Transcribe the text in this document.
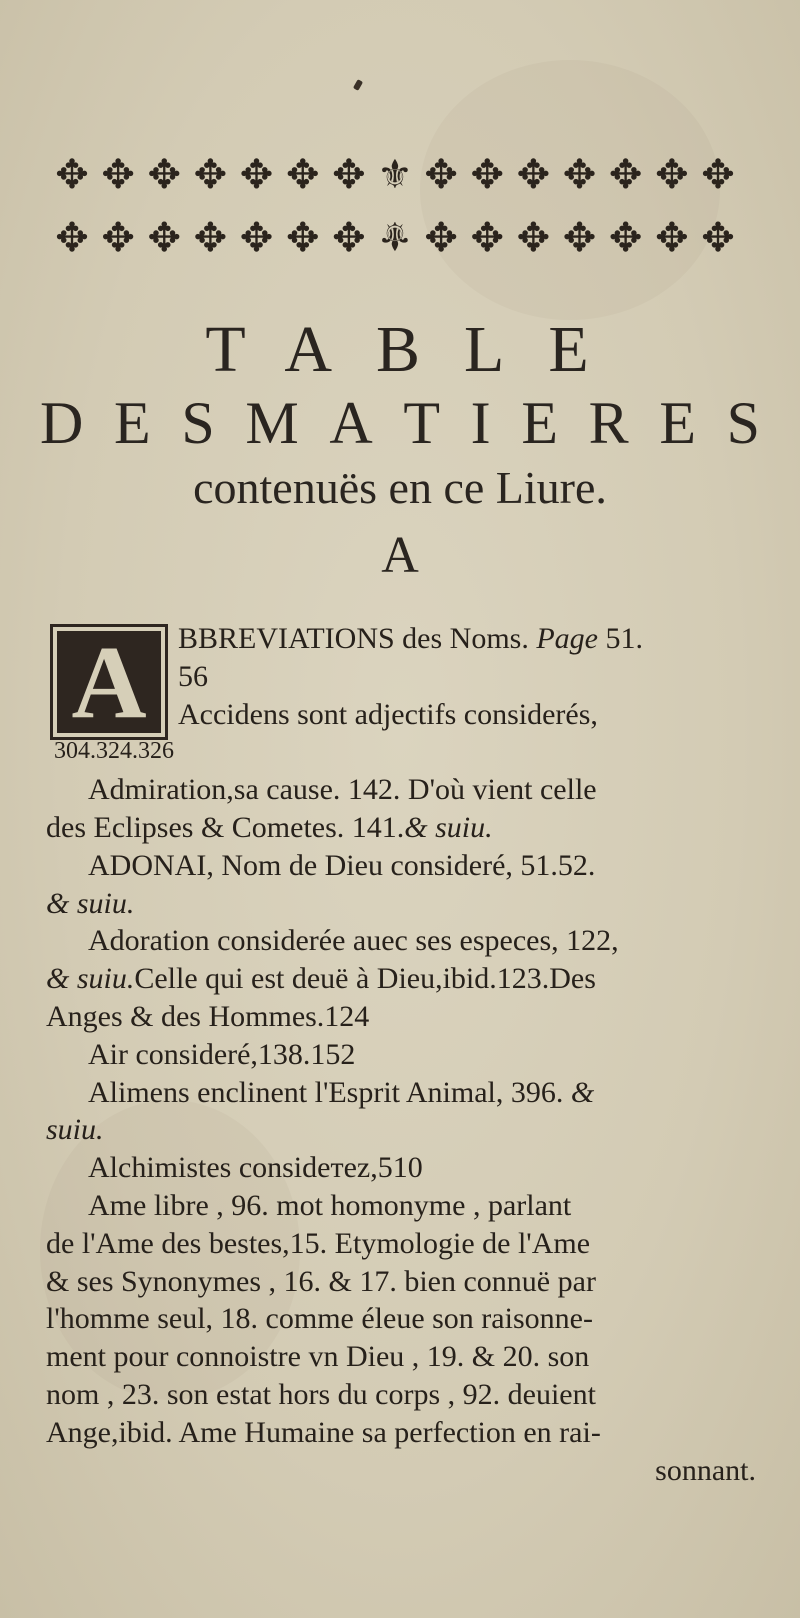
✥ ✥ ✥ ✥ ✥ ✥ ✥ ⚜ ✥ ✥ ✥ ✥ ✥ ✥ ✥
✥ ✥ ✥ ✥ ✥ ✥ ✥ ⚜ ✥ ✥ ✥ ✥ ✥ ✥ ✥
TABLE
D E S M A T I E R E S
contenuës en ce Liure.
A
A	BBREVIATIONS des Noms. Page 51.
56
Accidens sont adjectifs considerés,
304.324.326
Admiration,sa cause. 142. D'où vient celle
des Eclipses & Cometes. 141.& suiu.
ADONAI, Nom de Dieu consideré, 51.52.
& suiu.
Adoration considerée auec ses especes, 122,
& suiu.Celle qui est deuë à Dieu,ibid.123.Des
Anges & des Hommes.124
Air consideré,138.152
Alimens enclinent l'Esprit Animal, 396. &
suiu.
Alchimistes consideтez,510
Ame libre , 96. mot homonyme , parlant
de l'Ame des bestes,15. Etymologie de l'Ame
& ses Synonymes , 16. & 17. bien connuë par
l'homme seul, 18. comme éleue son raisonne-
ment pour connoistre vn Dieu , 19. & 20. son
nom , 23. son estat hors du corps , 92. deuient
Ange,ibid. Ame Humaine sa perfection en rai-
sonnant.
